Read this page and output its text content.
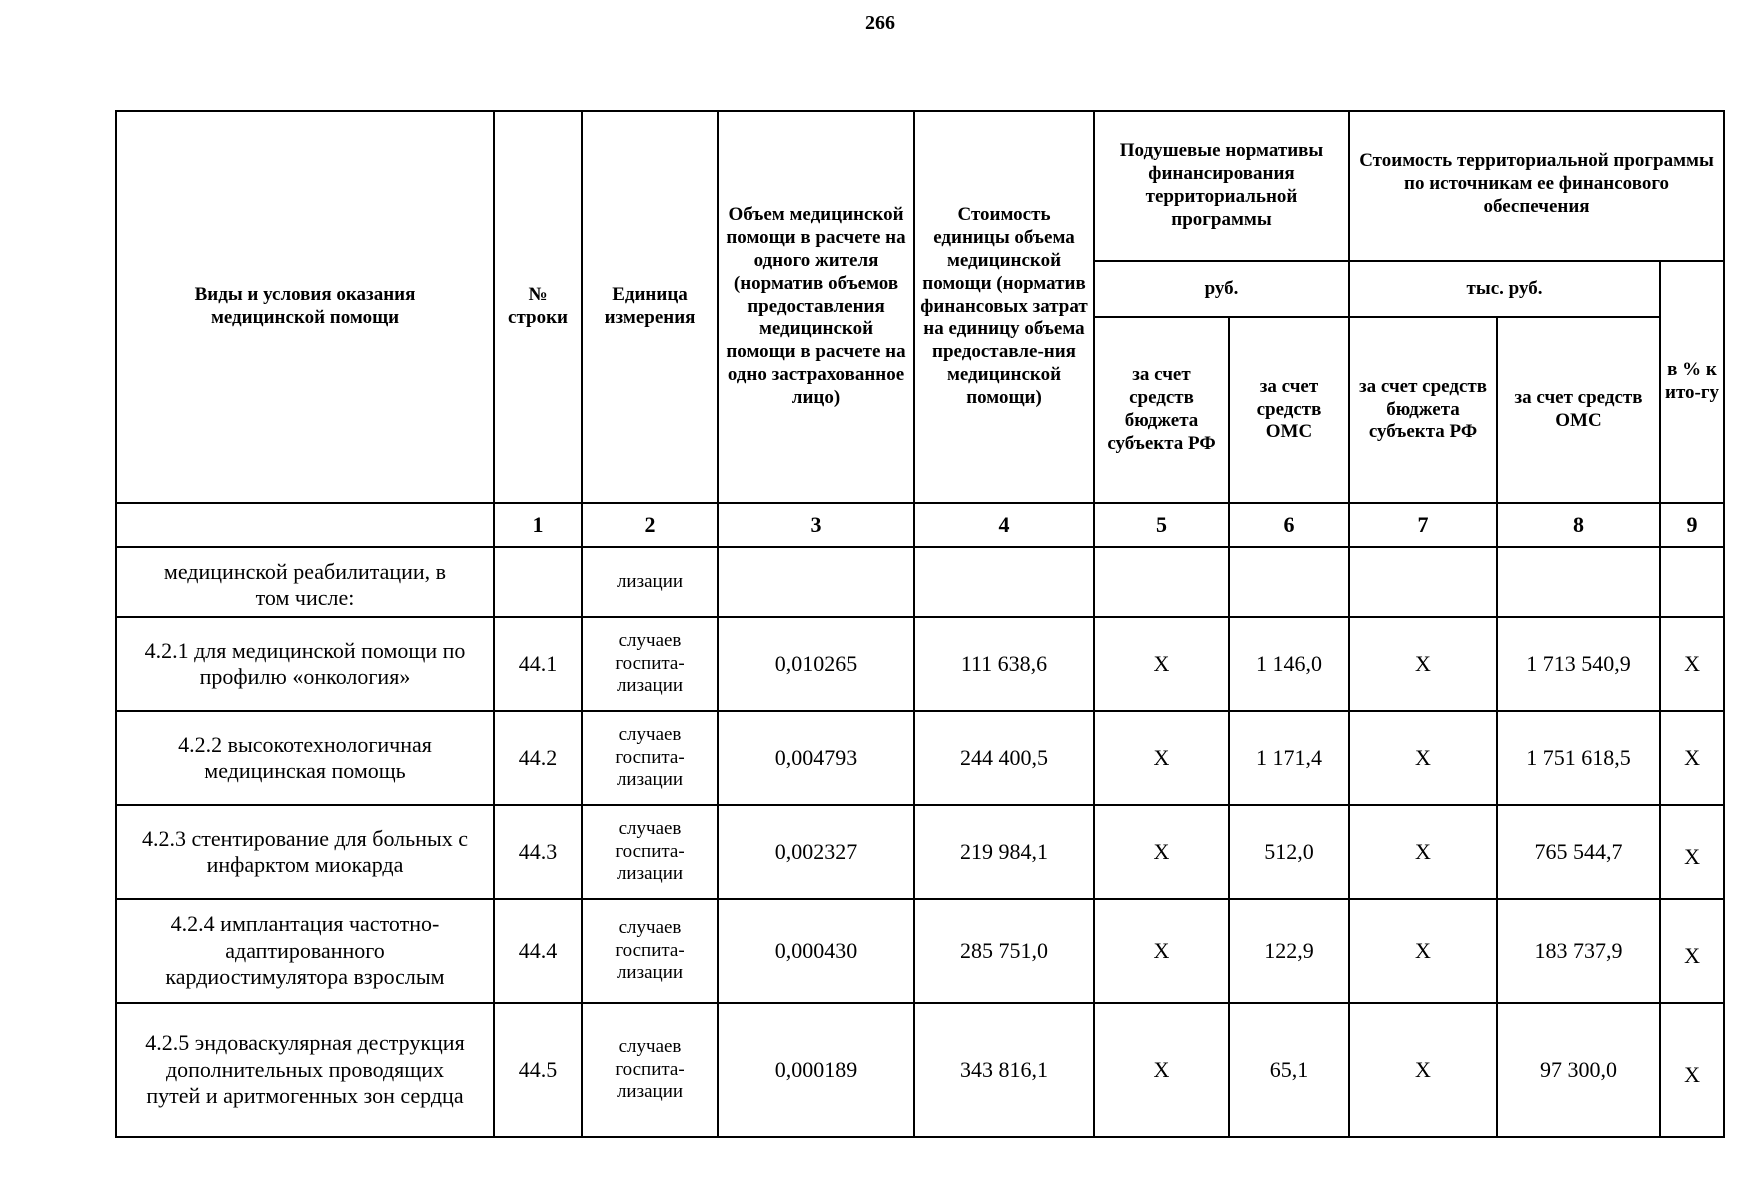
266
Виды и условия оказания медицинской помощи	№ строки	Единица измерения	Объем медицинской помощи в расчете на одного жителя (норматив объемов предоставления медицинской помощи в расчете на одно застрахованное лицо)	Стоимость единицы объема медицинской помощи (норматив финансовых затрат на единицу объема предоставле-ния медицинской помощи)	Подушевые нормативы финансирования территориальной программы		Стоимость территориальной программы по источникам ее финансового обеспечения		
					руб.		тыс. руб.		в % к ито-гу
					за счет средств бюджета субъекта РФ	за счет средств ОМС	за счет средств бюджета субъекта РФ	за счет средств ОМС	
	1	2	3	4	5	6	7	8	9
медицинской реабилитации, в том числе:		лизации							
4.2.1 для медицинской помощи по профилю «онкология»	44.1	случаев госпита-лизации	0,010265	111 638,6	X	1 146,0	X	1 713 540,9	X
4.2.2 высокотехнологичная медицинская помощь	44.2	случаев госпита-лизации	0,004793	244 400,5	X	1 171,4	X	1 751 618,5	X
4.2.3 стентирование для больных с инфарктом миокарда	44.3	случаев госпита-лизации	0,002327	219 984,1	X	512,0	X	765 544,7	X
4.2.4 имплантация частотно-адаптированного кардиостимулятора взрослым	44.4	случаев госпита-лизации	0,000430	285 751,0	X	122,9	X	183 737,9	X
4.2.5 эндоваскулярная деструкция дополнительных проводящих путей и аритмогенных зон сердца	44.5	случаев госпита-лизации	0,000189	343 816,1	X	65,1	X	97 300,0	X
